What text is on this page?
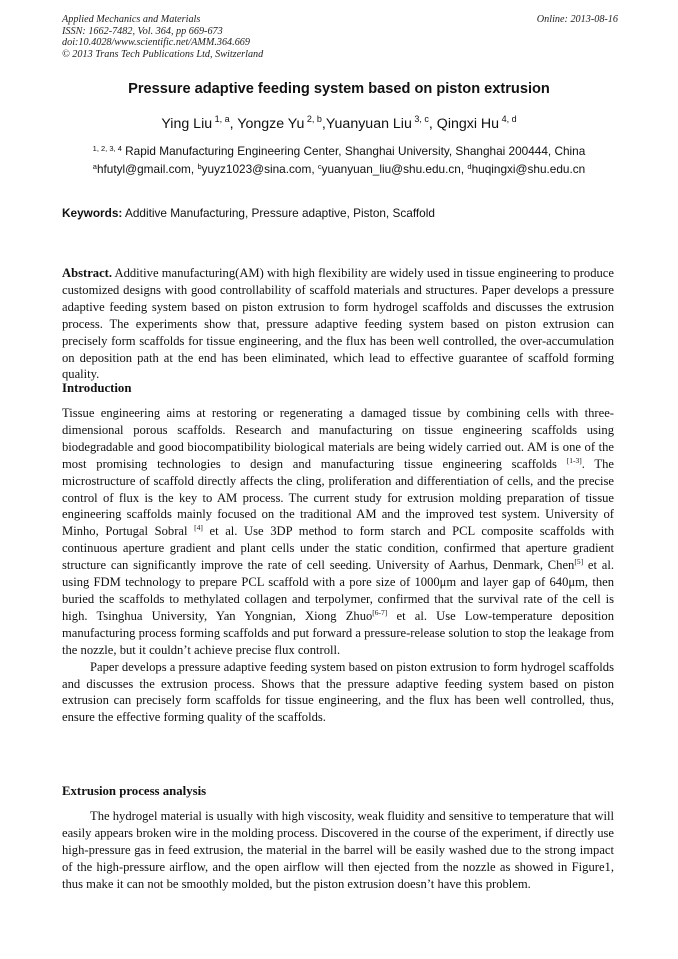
Applied Mechanics and Materials
ISSN: 1662-7482, Vol. 364, pp 669-673
doi:10.4028/www.scientific.net/AMM.364.669
© 2013 Trans Tech Publications Ltd, Switzerland
Online: 2013-08-16
Pressure adaptive feeding system based on piston extrusion
Ying Liu $^{1, a}$, Yongze Yu $^{2, b}$,Yuanyuan Liu $^{3, c}$, Qingxi Hu $^{4, d}$
$^{1, 2, 3, 4}$ Rapid Manufacturing Engineering Center, Shanghai University, Shanghai 200444, China
$^a$hfutyl@gmail.com, $^b$yuyz1023@sina.com, $^c$yuanyuan_liu@shu.edu.cn, $^d$huqingxi@shu.edu.cn
Keywords: Additive Manufacturing, Pressure adaptive, Piston, Scaffold

Abstract. Additive manufacturing(AM) with high flexibility are widely used in tissue engineering to produce customized designs with good controllability of scaffold materials and structures. Paper develops a pressure adaptive feeding system based on piston extrusion to form hydrogel scaffolds and discusses the extrusion process. The experiments show that, pressure adaptive feeding system based on piston extrusion can precisely form scaffolds for tissue engineering, and the flux has been well controlled, the over-accumulation on deposition path at the end has been eliminated, which lead to effective guarantee of scaffold forming quality.

Introduction

Tissue engineering aims at restoring or regenerating a damaged tissue by combining cells with three-dimensional porous scaffolds. Research and manufacturing on tissue engineering scaffolds using biodegradable and good biocompatibility biological materials are being widely carried out. AM is one of the most promising technologies to design and manufacturing tissue engineering scaffolds [1-3]. The microstructure of scaffold directly affects the cling, proliferation and differentiation of cells, and the precise control of flux is the key to AM process. The current study for extrusion molding preparation of tissue engineering scaffolds mainly focused on the traditional AM and the improved test system. University of Minho, Portugal Sobral [4] et al. Use 3DP method to form starch and PCL composite scaffolds with continuous aperture gradient and plant cells under the static condition, confirmed that aperture gradient structure can significantly improve the rate of cell seeding. University of Aarhus, Denmark, Chen[5] et al. using FDM technology to prepare PCL scaffold with a pore size of 1000μm and layer gap of 640μm, then buried the scaffolds to methylated collagen and terpolymer, confirmed that the survival rate of the cell is high. Tsinghua University, Yan Yongnian, Xiong Zhuo[6-7] et al. Use Low-temperature deposition manufacturing process forming scaffolds and put forward a pressure-release solution to stop the leakage from the nozzle, but it couldn’t achieve precise flux controll.

Paper develops a pressure adaptive feeding system based on piston extrusion to form hydrogel scaffolds and discusses the extrusion process. Shows that the pressure adaptive feeding system based on piston extrusion can precisely form scaffolds for tissue engineering, and the flux has been well controlled, thus, ensure the effective forming quality of the scaffolds.

Extrusion process analysis

The hydrogel material is usually with high viscosity, weak fluidity and sensitive to temperature that will easily appears broken wire in the molding process. Discovered in the course of the experiment, if directly use high-pressure gas in feed extrusion, the material in the barrel will be easily washed due to the strong impact of the high-pressure airflow, and the open airflow will then ejected from the nozzle as showed in Figure1, thus make it can not be smoothly molded, but the piston extrusion doesn’t have this problem.
